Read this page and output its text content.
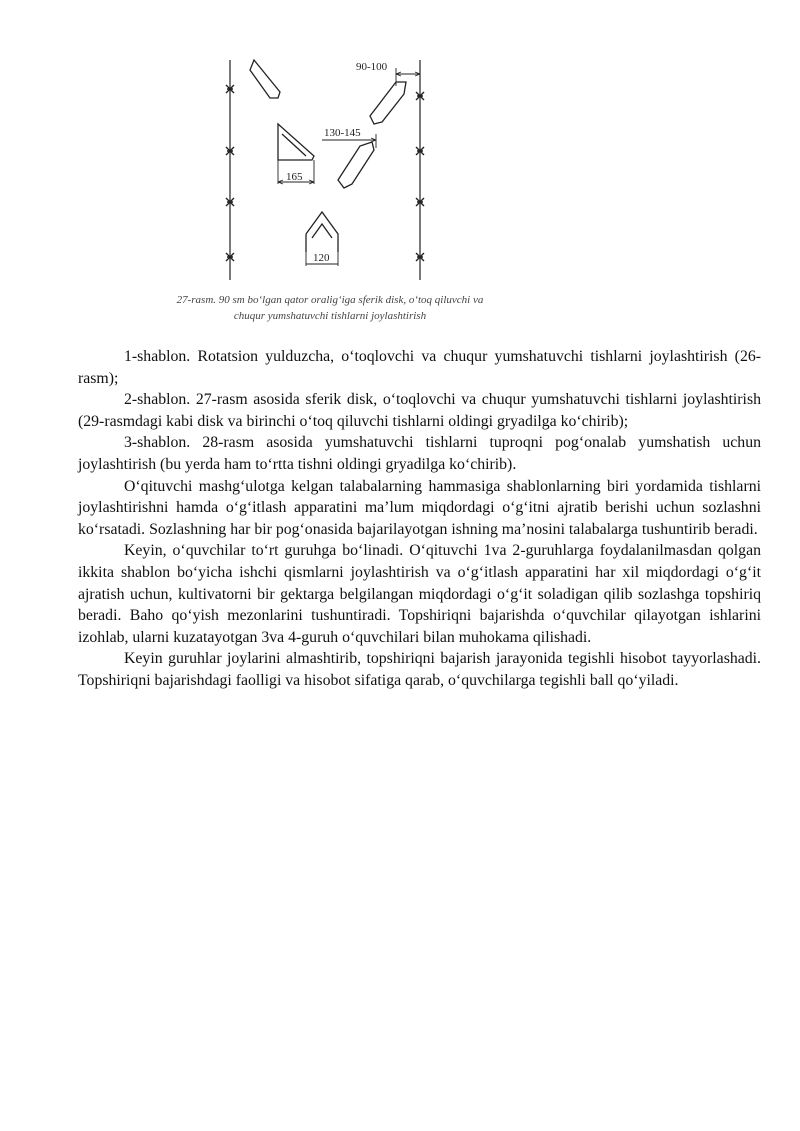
90-100
130-145
165
120
27-rasm. 90 sm bo‘lgan qator oralig‘iga sferik disk, o‘toq qiluvchi va
chuqur yumshatuvchi tishlarni joylashtirish

1-shablon. Rotatsion yulduzcha, o‘toqlovchi va chuqur yumshatuvchi tishlarni joylashtirish (26-rasm);

2-shablon. 27-rasm asosida sferik disk, o‘toqlovchi va chuqur yumshatuvchi tishlarni joylashtirish (29-rasmdagi kabi disk va birinchi o‘toq qiluvchi tishlarni oldingi gryadilga ko‘chirib);

3-shablon. 28-rasm asosida yumshatuvchi tishlarni tuproqni pog‘onalab yumshatish uchun joylashtirish (bu yerda ham to‘rtta tishni oldingi gryadilga ko‘chirib).

O‘qituvchi mashg‘ulotga kelgan talabalarning hammasiga shablonlarning biri yordamida tishlarni joylashtirishni hamda o‘g‘itlash apparatini ma’lum miqdordagi o‘g‘itni ajratib berishi uchun sozlashni ko‘rsatadi. Sozlashning har bir pog‘onasida bajarilayotgan ishning ma’nosini talabalarga tushuntirib beradi.

Keyin, o‘quvchilar to‘rt guruhga bo‘linadi. O‘qituvchi 1va 2-guruhlarga foydalanilmasdan qolgan ikkita shablon bo‘yicha ishchi qismlarni joylashtirish va o‘g‘itlash apparatini har xil miqdordagi o‘g‘it ajratish uchun, kultivatorni bir gektarga belgilangan miqdordagi o‘g‘it soladigan qilib sozlashga topshiriq beradi. Baho qo‘yish mezonlarini tushuntiradi. Topshiriqni bajarishda o‘quvchilar qilayotgan ishlarini izohlab, ularni kuzatayotgan 3va 4-guruh o‘quvchilari bilan muhokama qilishadi.

Keyin guruhlar joylarini almashtirib, topshiriqni bajarish jarayonida tegishli hisobot tayyorlashadi. Topshiriqni bajarishdagi faolligi va hisobot sifatiga qarab, o‘quvchilarga tegishli ball qo‘yiladi.
